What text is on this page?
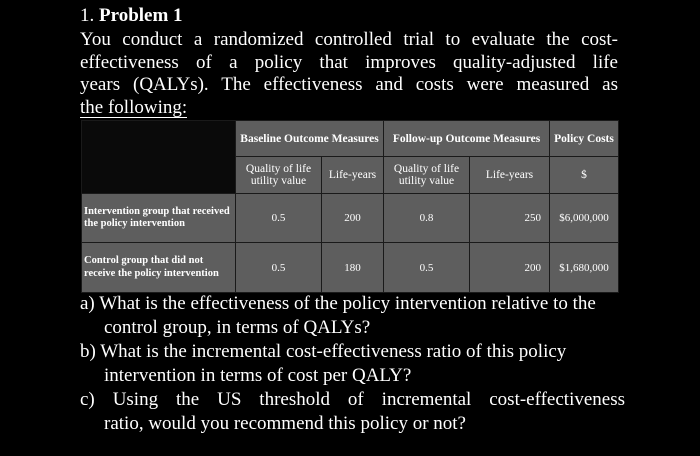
1. Problem 1
You conduct a randomized controlled trial to evaluate the cost-
effectiveness of a policy that improves quality-adjusted life
years (QALYs). The effectiveness and costs were measured as
the following:
	Baseline Outcome Measures		Follow-up Outcome Measures		Policy Costs
	Quality of life utility value	Life-years	Quality of life utility value	Life-years	$
Intervention group that received the policy intervention	0.5	200	0.8	250	$6,000,000
Control group that did not receive the policy intervention	0.5	180	0.5	200	$1,680,000
a) What is the effectiveness of the policy intervention relative to the control group, in terms of QALYs?
b) What is the incremental cost-effectiveness ratio of this policy intervention in terms of cost per QALY?
c) Using the US threshold of incremental cost-effectiveness
ratio, would you recommend this policy or not?
